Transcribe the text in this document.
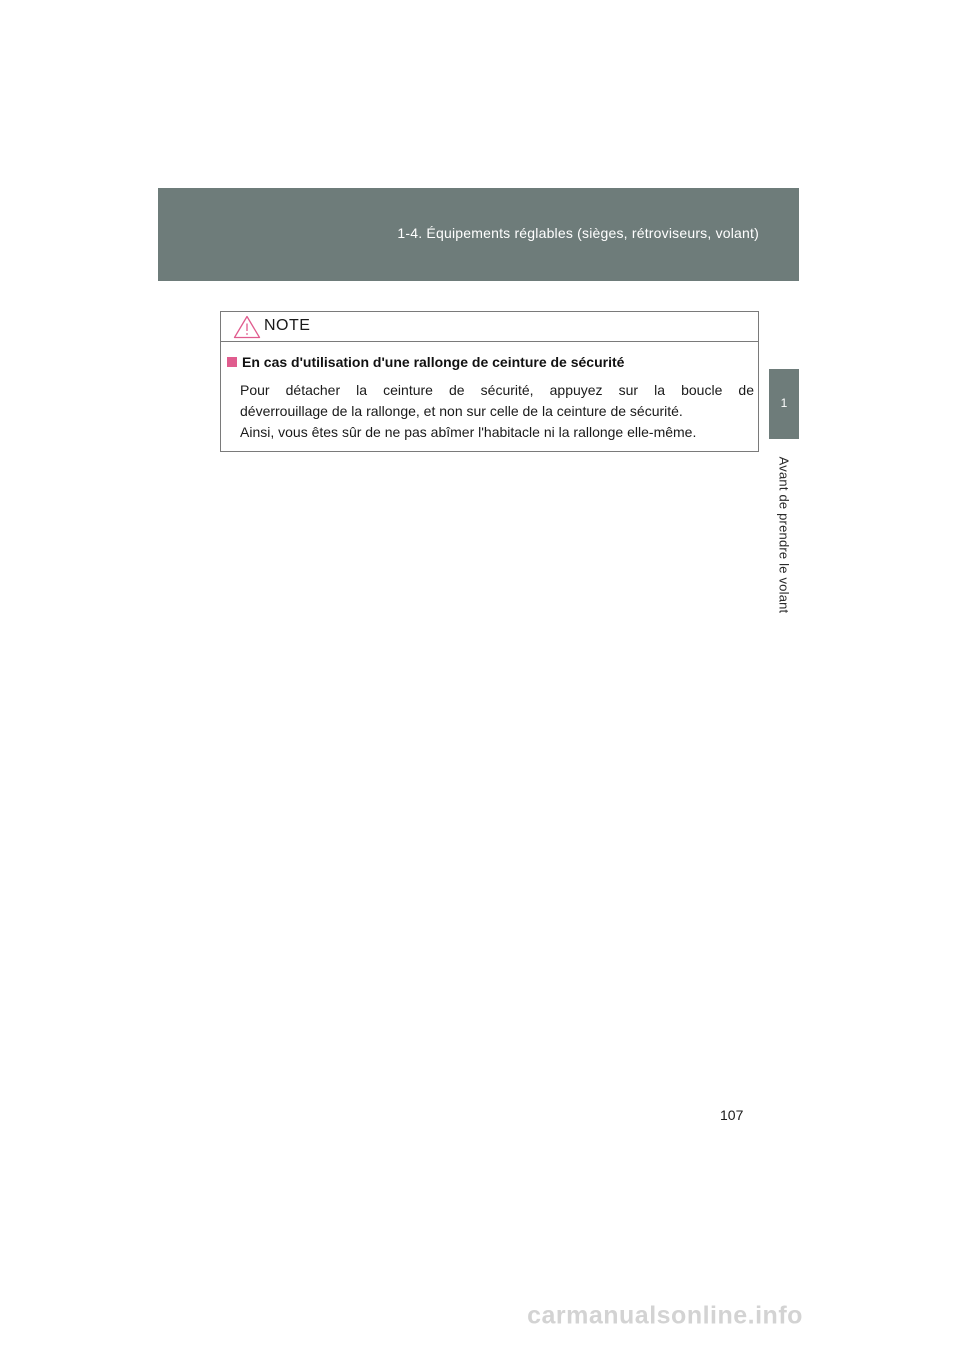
1-4. Équipements réglables (sièges, rétroviseurs, volant)
1
Avant de prendre le volant
NOTE
En cas d'utilisation d'une rallonge de ceinture de sécurité
Pour détacher la ceinture de sécurité, appuyez sur la boucle de
déverrouillage de la rallonge, et non sur celle de la ceinture de sécurité.
Ainsi, vous êtes sûr de ne pas abîmer l'habitacle ni la rallonge elle-même.
107
carmanualsonline.info
